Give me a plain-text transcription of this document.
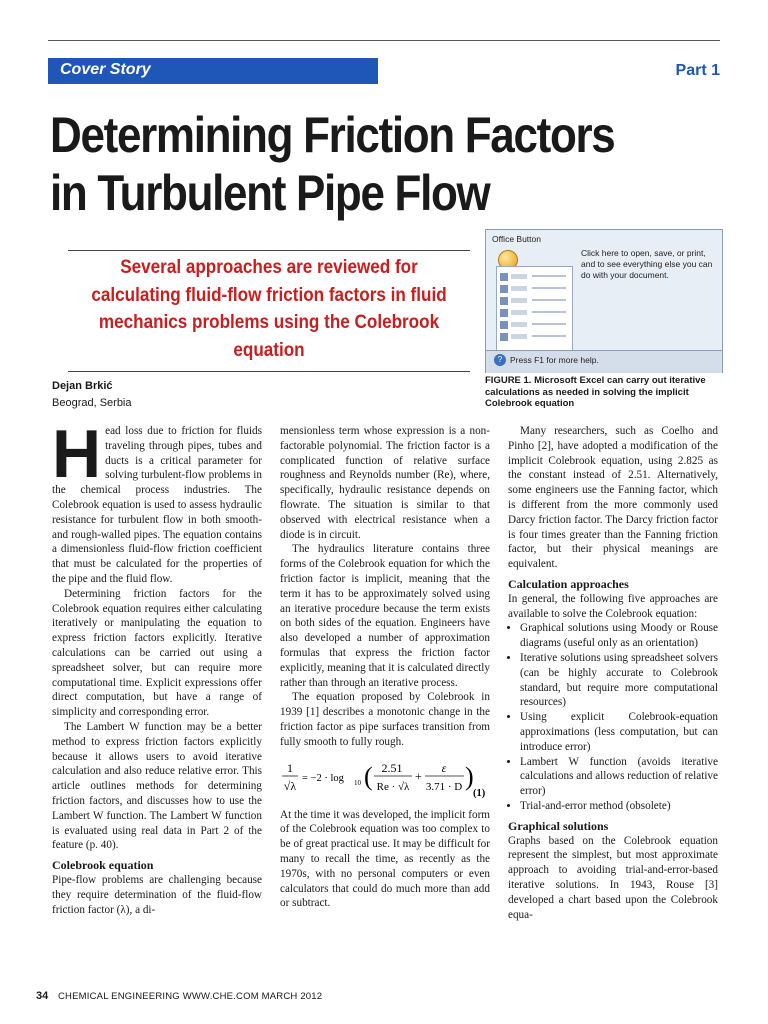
Cover Story	Part 1
Determining Friction Factors
in Turbulent Pipe Flow
Several approaches are reviewed for calculating fluid-flow friction factors in fluid mechanics problems using the Colebrook equation
Dejan Brkić
Beograd, Serbia
Office Button
Click here to open, save, or print, and to see everything else you can do with your document.
? Press F1 for more help.
FIGURE 1. Microsoft Excel can carry out iterative calculations as needed in solving the implicit Colebrook equation

Head loss due to friction for fluids traveling through pipes, tubes and ducts is a critical parameter for solving turbulent-flow problems in the chemical process industries. The Colebrook equation is used to assess hydraulic resistance for turbulent flow in both smooth- and rough-walled pipes. The equation contains a dimensionless fluid-flow friction coefficient that must be calculated for the properties of the pipe and the fluid flow.

Determining friction factors for the Colebrook equation requires either calculating iteratively or manipulating the equation to express friction factors explicitly. Iterative calculations can be carried out using a spreadsheet solver, but can require more computational time. Explicit expressions offer direct computation, but have a range of simplicity and corresponding error.

The Lambert W function may be a better method to express friction factors explicitly because it allows users to avoid iterative calculation and also reduce relative error. This article outlines methods for determining friction factors, and discusses how to use the Lambert W function. The Lambert W function is evaluated using real data in Part 2 of the feature (p. 40).

Colebrook equation

Pipe-flow problems are challenging because they require determination of the fluid-flow friction factor (λ), a di-

mensionless term whose expression is a non-factorable polynomial. The friction factor is a complicated function of relative surface roughness and Reynolds number (Re), where, specifically, hydraulic resistance depends on flowrate. The situation is similar to that observed with electrical resistance when a diode is in circuit.

The hydraulics literature contains three forms of the Colebrook equation for which the friction factor is implicit, meaning that the term it has to be approximately solved using an iterative procedure because the term exists on both sides of the equation. Engineers have also developed a number of approximation formulas that express the friction factor explicitly, meaning that it is calculated directly rather than through an iterative process.

The equation proposed by Colebrook in 1939 [1] describes a monotonic change in the friction factor as pipe surfaces transition from fully smooth to fully rough.

1
√λ
= −2 · log 10 ( 2.51
Re · √λ
+
ε
3.71 · D )
(1)

At the time it was developed, the implicit form of the Colebrook equation was too complex to be of great practical use. It may be difficult for many to recall the time, as recently as the 1970s, with no personal computers or even calculators that could do much more than add or subtract.

Many researchers, such as Coelho and Pinho [2], have adopted a modification of the implicit Colebrook equation, using 2.825 as the constant instead of 2.51. Alternatively, some engineers use the Fanning factor, which is different from the more commonly used Darcy friction factor. The Darcy friction factor is four times greater than the Fanning friction factor, but their physical meanings are equivalent.

Calculation approaches

In general, the following five approaches are available to solve the Colebrook equation:

• Graphical solutions using Moody or Rouse diagrams (useful only as an orientation)
• Iterative solutions using spreadsheet solvers (can be highly accurate to Colebrook standard, but require more computational resources)
• Using explicit Colebrook-equation approximations (less computation, but can introduce error)
• Lambert W function (avoids iterative calculations and allows reduction of relative error)
• Trial-and-error method (obsolete)
Graphical solutions

Graphs based on the Colebrook equation represent the simplest, but most approximate approach to avoiding trial-and-error-based iterative solutions. In 1943, Rouse [3] developed a chart based upon the Colebrook equa-

34 CHEMICAL ENGINEERING WWW.CHE.COM MARCH 2012
